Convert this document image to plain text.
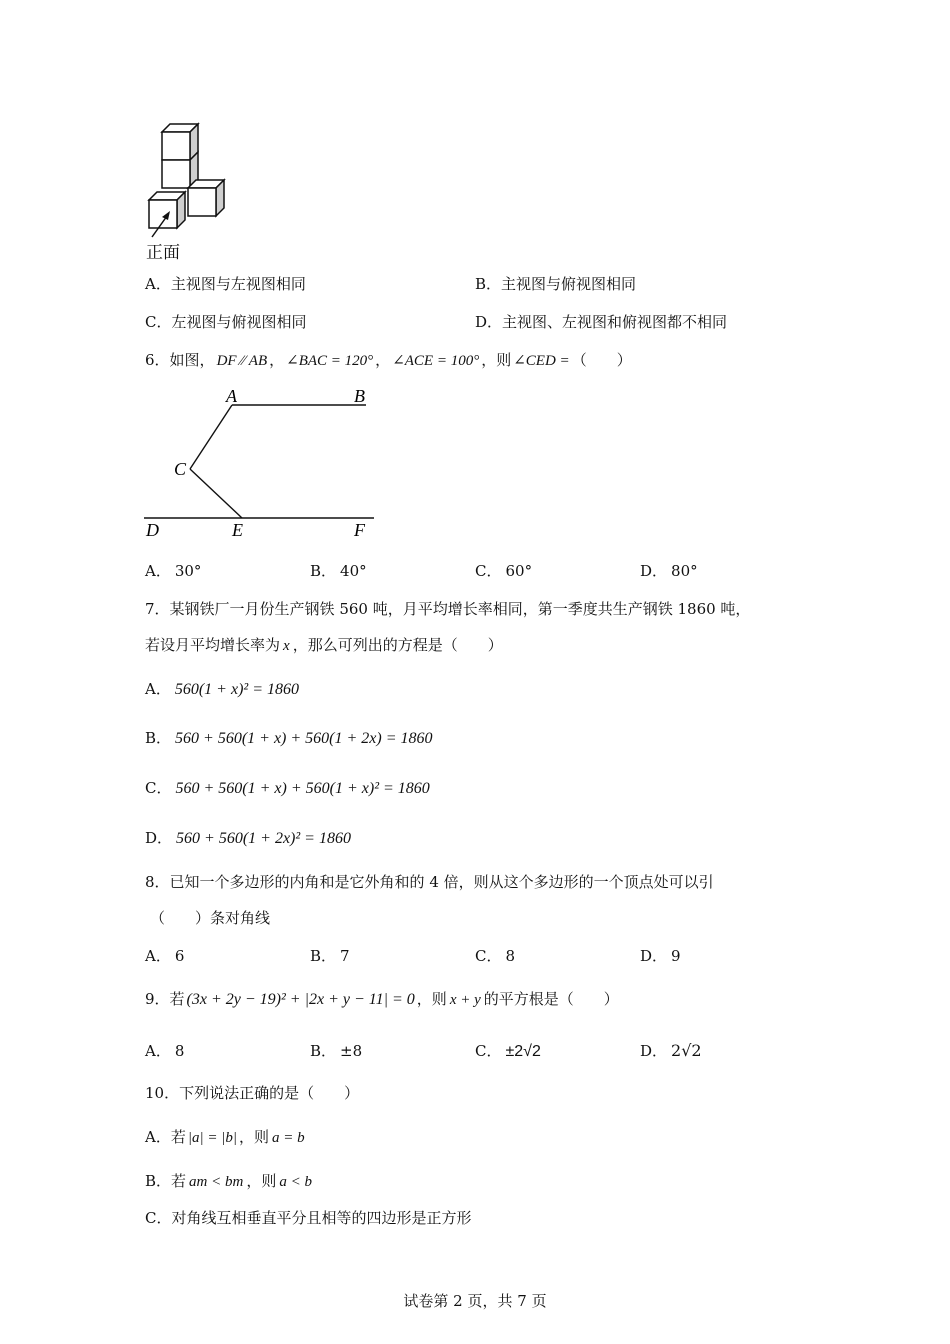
正面
A．主视图与左视图相同	B．主视图与俯视图相同
C．左视图与俯视图相同	D．主视图、左视图和俯视图都不相同
6．如图， DF ⁄⁄ AB ， ∠BAC = 120° ， ∠ACE = 100° ，则 ∠CED = （　　）
A	B
C
D	E	F
A． 30°	B． 40°	C． 60°	D． 80°
7．某钢铁厂一月份生产钢铁 560 吨，月平均增长率相同，第一季度共生产钢铁 1860 吨，
若设月平均增长率为 x ，那么可列出的方程是（　　）
A． 560(1 + x)² = 1860
B． 560 + 560(1 + x) + 560(1 + 2x) = 1860
C． 560 + 560(1 + x) + 560(1 + x)² = 1860
D． 560 + 560(1 + 2x)² = 1860
8．已知一个多边形的内角和是它外角和的 4 倍，则从这个多边形的一个顶点处可以引
（　　）条对角线
A． 6	B． 7	C． 8	D． 9
9．若 (3x + 2y − 19)² + |2x + y − 11| = 0 ，则 x + y 的平方根是（　　）
A． 8	B． ±8	C． ±2√2	D． 2√2
10．下列说法正确的是（　　）
A．若 |a| = |b| ，则 a = b
B．若 am < bm ，则 a < b
C．对角线互相垂直平分且相等的四边形是正方形
试卷第 2 页，共 7 页
